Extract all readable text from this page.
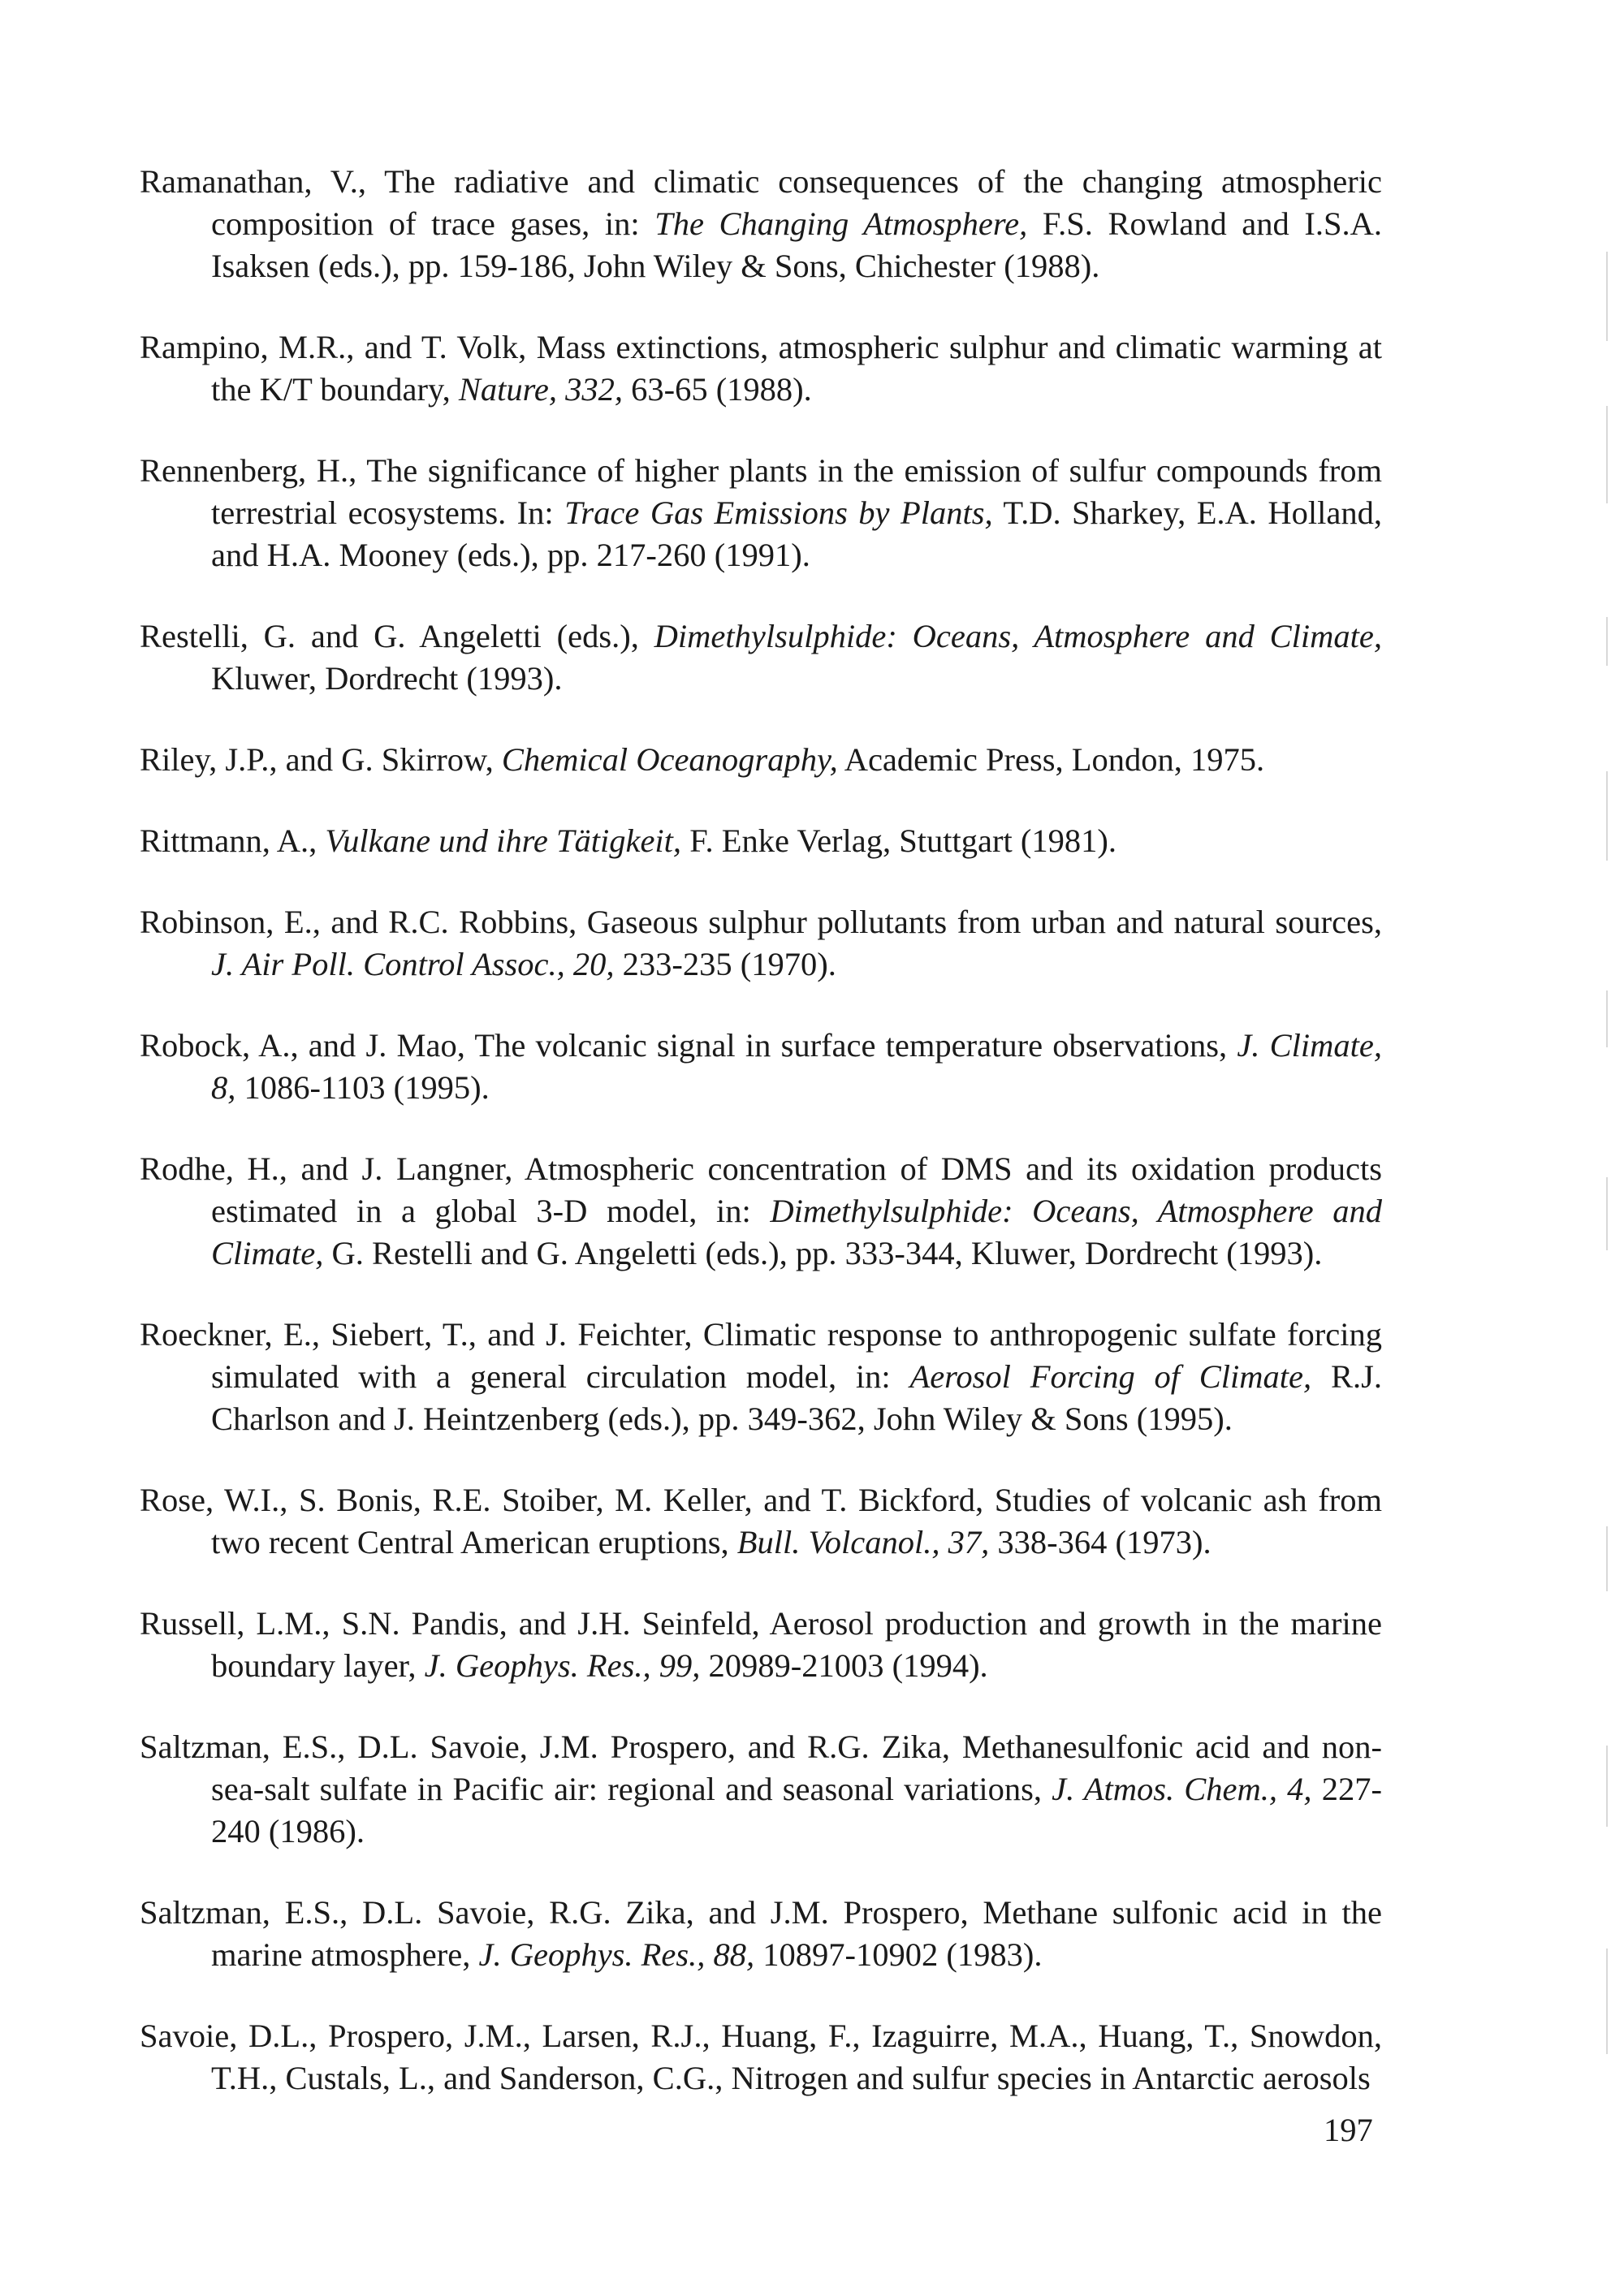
Ramanathan, V., The radiative and climatic consequences of the changing atmospheric composition of trace gases, in: The Changing Atmosphere, F.S. Rowland and I.S.A. Isaksen (eds.), pp. 159-186, John Wiley & Sons, Chichester (1988).

Rampino, M.R., and T. Volk, Mass extinctions, atmospheric sulphur and climatic warming at the K/T boundary, Nature, 332, 63-65 (1988).

Rennenberg, H., The significance of higher plants in the emission of sulfur compounds from terrestrial ecosystems. In: Trace Gas Emissions by Plants, T.D. Sharkey, E.A. Holland, and H.A. Mooney (eds.), pp. 217-260 (1991).

Restelli, G. and G. Angeletti (eds.), Dimethylsulphide: Oceans, Atmosphere and Climate, Kluwer, Dordrecht (1993).

Riley, J.P., and G. Skirrow, Chemical Oceanography, Academic Press, London, 1975.

Rittmann, A., Vulkane und ihre Tätigkeit, F. Enke Verlag, Stuttgart (1981).

Robinson, E., and R.C. Robbins, Gaseous sulphur pollutants from urban and natural sources, J. Air Poll. Control Assoc., 20, 233-235 (1970).

Robock, A., and J. Mao, The volcanic signal in surface temperature observations, J. Climate, 8, 1086-1103 (1995).

Rodhe, H., and J. Langner, Atmospheric concentration of DMS and its oxidation products estimated in a global 3-D model, in: Dimethylsulphide: Oceans, Atmosphere and Climate, G. Restelli and G. Angeletti (eds.), pp. 333-344, Kluwer, Dordrecht (1993).

Roeckner, E., Siebert, T., and J. Feichter, Climatic response to anthropogenic sulfate forcing simulated with a general circulation model, in: Aerosol Forcing of Climate, R.J. Charlson and J. Heintzenberg (eds.), pp. 349-362, John Wiley & Sons (1995).

Rose, W.I., S. Bonis, R.E. Stoiber, M. Keller, and T. Bickford, Studies of volcanic ash from two recent Central American eruptions, Bull. Volcanol., 37, 338-364 (1973).

Russell, L.M., S.N. Pandis, and J.H. Seinfeld, Aerosol production and growth in the marine boundary layer, J. Geophys. Res., 99, 20989-21003 (1994).

Saltzman, E.S., D.L. Savoie, J.M. Prospero, and R.G. Zika, Methanesulfonic acid and non-sea-salt sulfate in Pacific air: regional and seasonal variations, J. Atmos. Chem., 4, 227-240 (1986).

Saltzman, E.S., D.L. Savoie, R.G. Zika, and J.M. Prospero, Methane sulfonic acid in the marine atmosphere, J. Geophys. Res., 88, 10897-10902 (1983).

Savoie, D.L., Prospero, J.M., Larsen, R.J., Huang, F., Izaguirre, M.A., Huang, T., Snowdon, T.H., Custals, L., and Sanderson, C.G., Nitrogen and sulfur species in Antarctic aerosols

197
